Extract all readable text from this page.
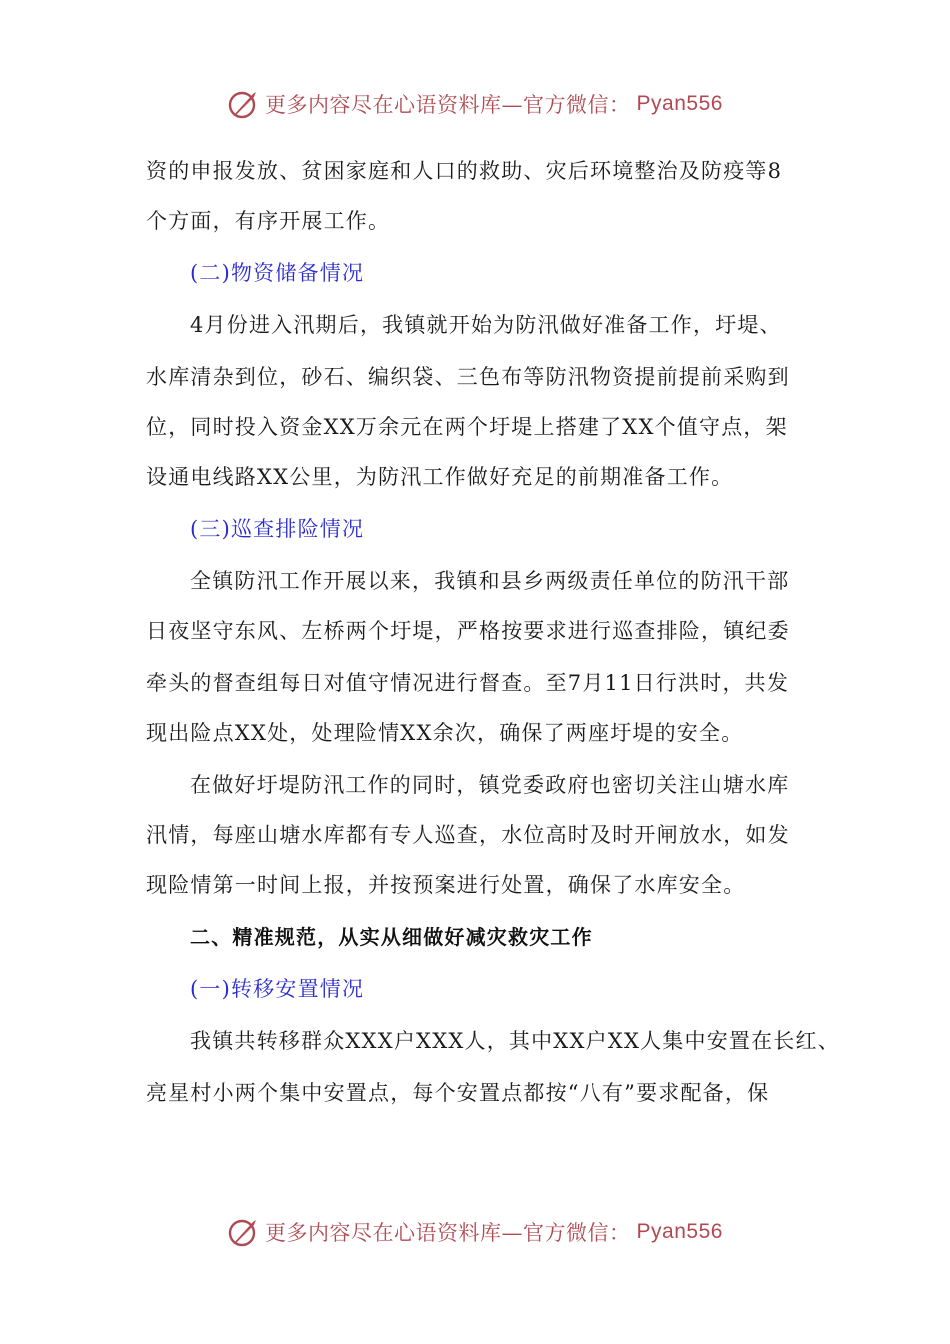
更多内容尽在心语资料库—官方微信： Pyan556
资的申报发放、贫困家庭和人口的救助、灾后环境整治及防疫等8
个方面，有序开展工作。
(二)物资储备情况
4月份进入汛期后，我镇就开始为防汛做好准备工作，圩堤、
水库清杂到位，砂石、编织袋、三色布等防汛物资提前提前采购到
位，同时投入资金XX万余元在两个圩堤上搭建了XX个值守点，架
设通电线路XX公里，为防汛工作做好充足的前期准备工作。
(三)巡查排险情况
全镇防汛工作开展以来，我镇和县乡两级责任单位的防汛干部
日夜坚守东风、左桥两个圩堤，严格按要求进行巡查排险，镇纪委
牵头的督查组每日对值守情况进行督查。至7月11日行洪时，共发
现出险点XX处，处理险情XX余次，确保了两座圩堤的安全。
在做好圩堤防汛工作的同时，镇党委政府也密切关注山塘水库
汛情，每座山塘水库都有专人巡查，水位高时及时开闸放水，如发
现险情第一时间上报，并按预案进行处置，确保了水库安全。
二、精准规范，从实从细做好减灾救灾工作
(一)转移安置情况
我镇共转移群众XXX户XXX人，其中XX户XX人集中安置在长红、
亮星村小两个集中安置点，每个安置点都按“八有”要求配备，保
更多内容尽在心语资料库—官方微信： Pyan556
